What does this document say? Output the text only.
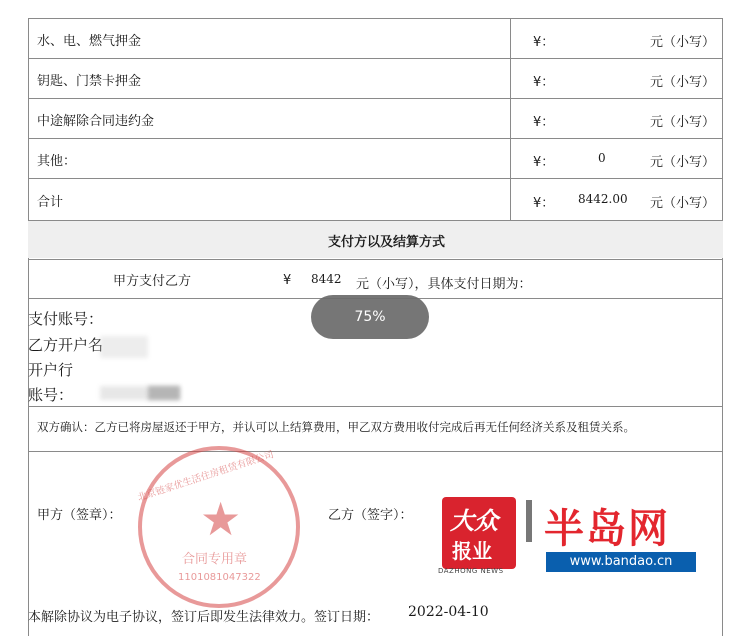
水、电、燃气押金	¥：	元（小写）
钥匙、门禁卡押金	¥：	元（小写）
中途解除合同违约金	¥：	元（小写）
其他：	¥：	0	元（小写）
合计	¥： 8442.00 元（小写）
支付方以及结算方式
甲方支付乙方	¥ 8442 元（小写），具体支付日期为：
支付账号：
乙方开户名
开户行
账号：
75%
双方确认：乙方已将房屋返还于甲方，并认可以上结算费用，甲乙双方费用收付完成后再无任何经济关系及租赁关系。
★
北京链家优生活住房租赁有限公司
合同专用章
1101081047322
甲方（签章）：	乙方（签字）： 大众
报业
DAZHONG NEWS
半岛网
www.bandao.cn
本解除协议为电子协议，签订后即发生法律效力。签订日期： 2022-04-10
